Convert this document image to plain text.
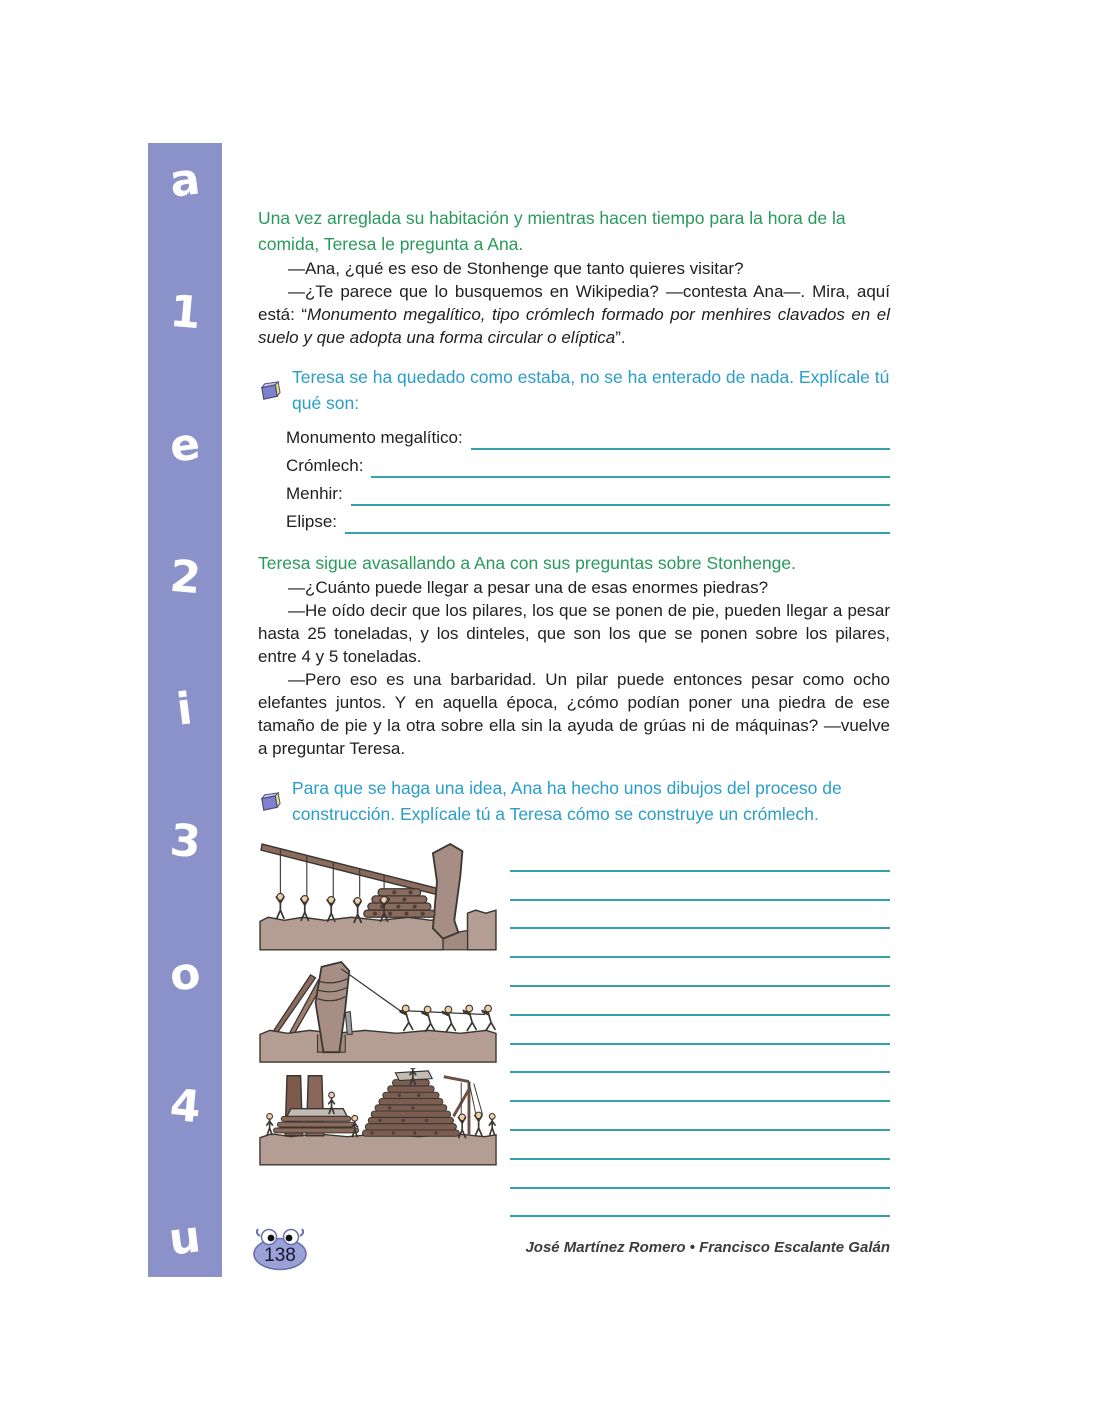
a
1
e
2
i
3
o
4
u

Una vez arreglada su habitación y mientras hacen tiempo para la hora de la comida, Teresa le pregunta a Ana.

—Ana, ¿qué es eso de Stonhenge que tanto quieres visitar?

—¿Te parece que lo busquemos en Wikipedia? —contesta Ana—. Mira, aquí está: “Monumento megalítico, tipo crómlech formado por menhires clavados en el suelo y que adopta una forma circular o elíptica”.

Teresa se ha quedado como estaba, no se ha enterado de nada. Explícale tú qué son:

Monumento megalítico:
Crómlech:
Menhir:
Elipse:

Teresa sigue avasallando a Ana con sus preguntas sobre Stonhenge.

—¿Cuánto puede llegar a pesar una de esas enormes piedras?

—He oído decir que los pilares, los que se ponen de pie, pueden llegar a pesar hasta 25 toneladas, y los dinteles, que son los que se ponen sobre los pilares, entre 4 y 5 toneladas.

—Pero eso es una barbaridad. Un pilar puede entonces pesar como ocho elefantes juntos. Y en aquella época, ¿cómo podían poner una piedra de ese tamaño de pie y la otra sobre ella sin la ayuda de grúas ni de máquinas? —vuelve a preguntar Teresa.

Para que se haga una idea, Ana ha hecho unos dibujos del proceso de construcción. Explícale tú a Teresa cómo se construye un crómlech.

138	José Martínez Romero • Francisco Escalante Galán
